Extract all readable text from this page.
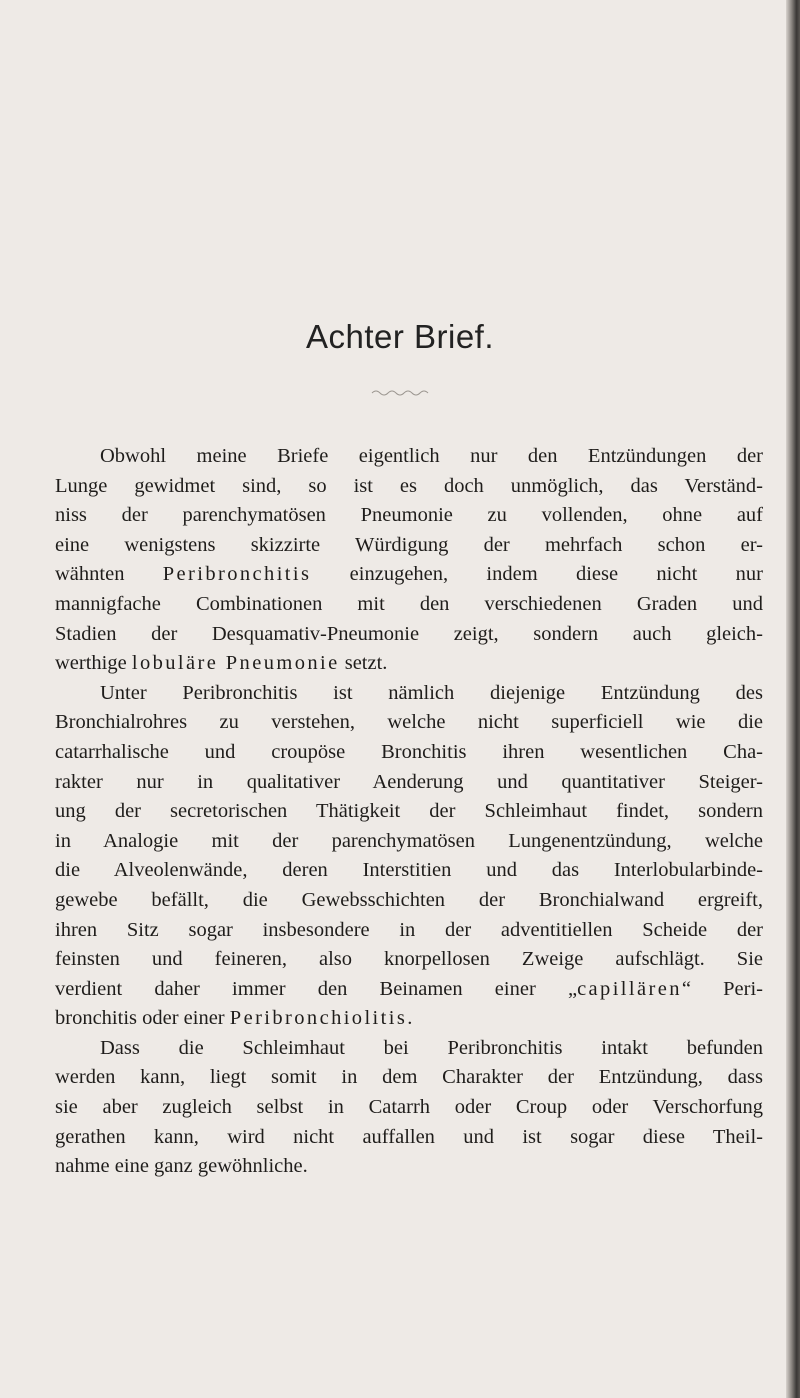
Achter Brief.
Obwohl meine Briefe eigentlich nur den Entzündungen der
Lunge gewidmet sind, so ist es doch unmöglich, das Verständ-
niss der parenchymatösen Pneumonie zu vollenden, ohne auf
eine wenigstens skizzirte Würdigung der mehrfach schon er-
wähnten Peribronchitis einzugehen, indem diese nicht nur
mannigfache Combinationen mit den verschiedenen Graden und
Stadien der Desquamativ-Pneumonie zeigt, sondern auch gleich-
werthige lobuläre Pneumonie setzt.
Unter Peribronchitis ist nämlich diejenige Entzündung des
Bronchialrohres zu verstehen, welche nicht superficiell wie die
catarrhalische und croupöse Bronchitis ihren wesentlichen Cha-
rakter nur in qualitativer Aenderung und quantitativer Steiger-
ung der secretorischen Thätigkeit der Schleimhaut findet, sondern
in Analogie mit der parenchymatösen Lungenentzündung, welche
die Alveolenwände, deren Interstitien und das Interlobularbinde-
gewebe befällt, die Gewebsschichten der Bronchialwand ergreift,
ihren Sitz sogar insbesondere in der adventitiellen Scheide der
feinsten und feineren, also knorpellosen Zweige aufschlägt. Sie
verdient daher immer den Beinamen einer „capillären“ Peri-
bronchitis oder einer Peribronchiolitis.
Dass die Schleimhaut bei Peribronchitis intakt befunden
werden kann, liegt somit in dem Charakter der Entzündung, dass
sie aber zugleich selbst in Catarrh oder Croup oder Verschorfung
gerathen kann, wird nicht auffallen und ist sogar diese Theil-
nahme eine ganz gewöhnliche.
